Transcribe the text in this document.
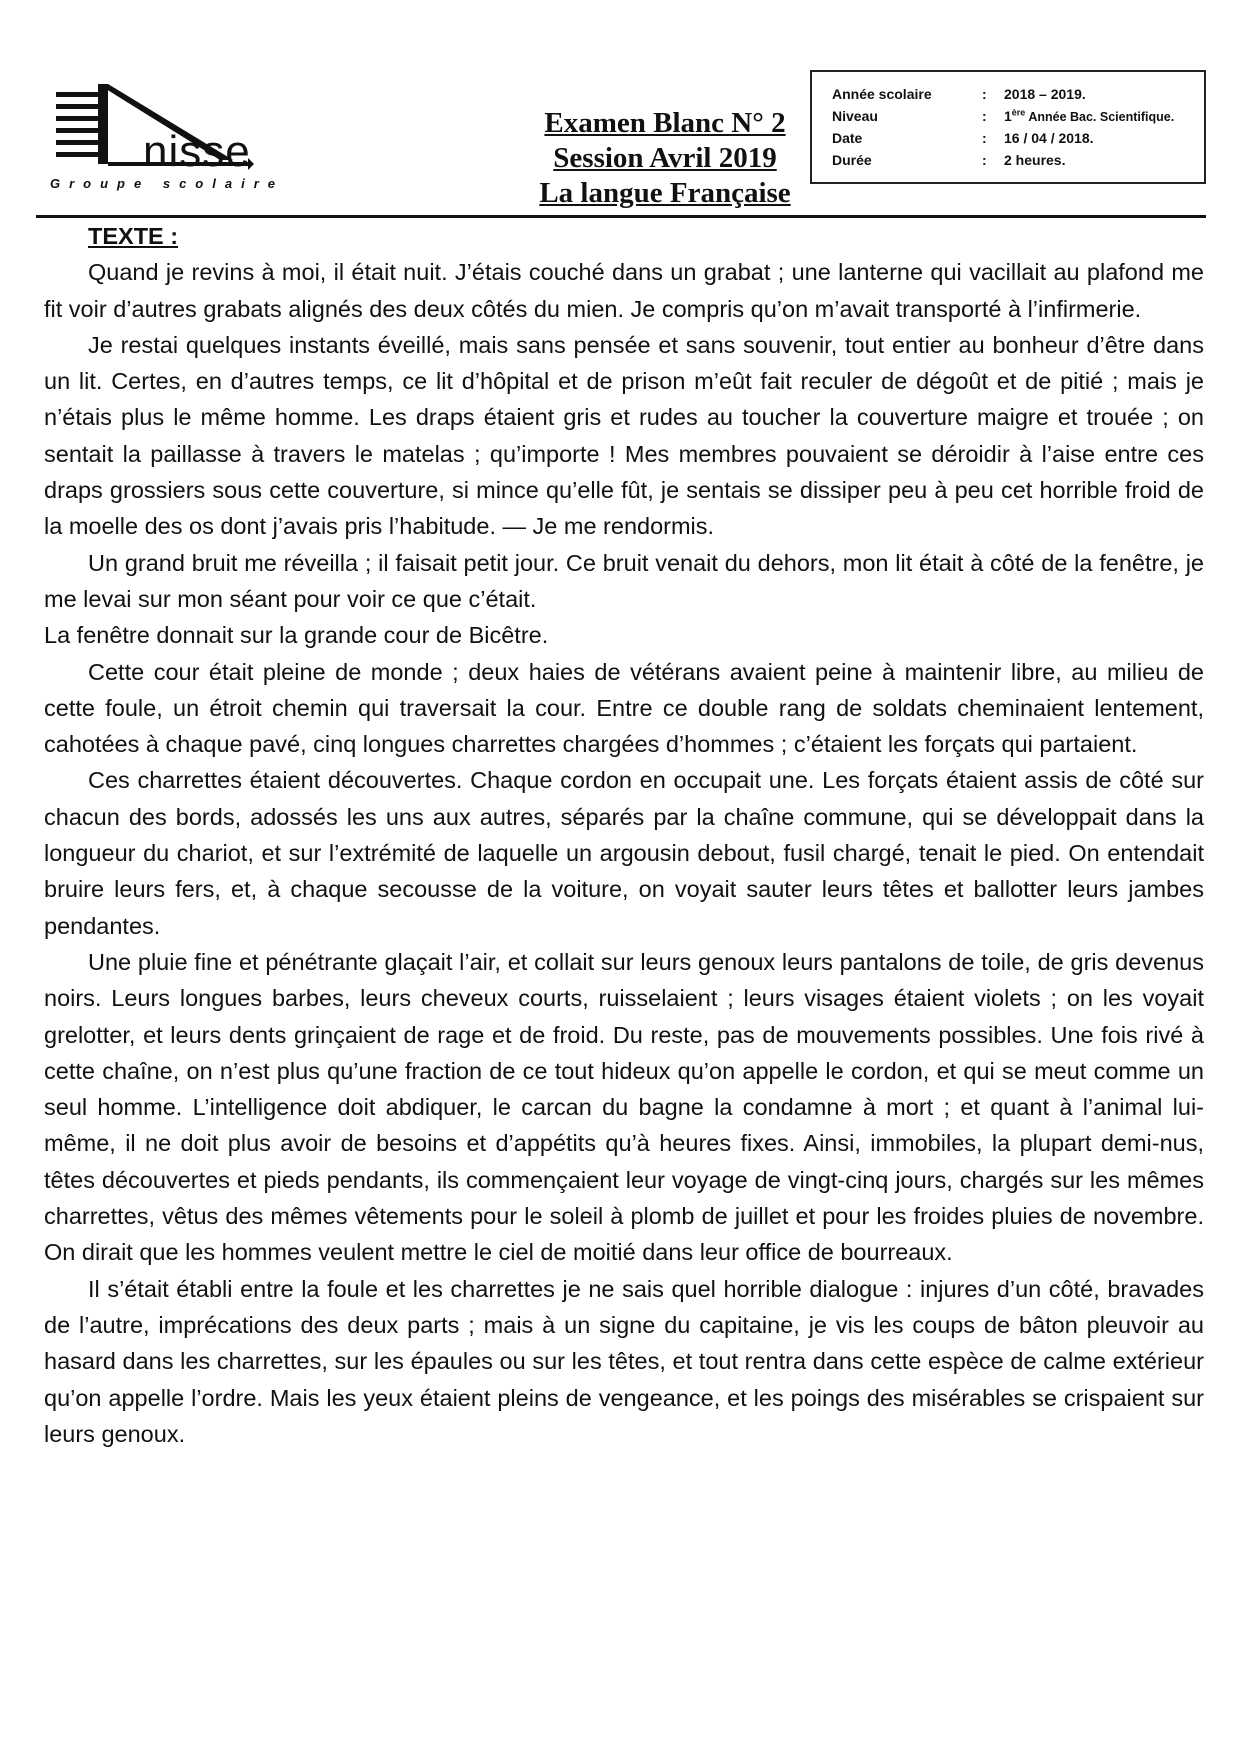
nisse
Groupe scolaire
Examen Blanc N° 2
Session Avril 2019
La langue Française
Année scolaire	: 2018 – 2019.
Niveau	: 1ère Année Bac. Scientifique.
Date	: 16 / 04 / 2018.
Durée	: 2 heures.
TEXTE :

Quand je revins à moi, il était nuit. J’étais couché dans un grabat ; une lanterne qui vacillait au plafond me fit voir d’autres grabats alignés des deux côtés du mien. Je compris qu’on m’avait transporté à l’infirmerie.

Je restai quelques instants éveillé, mais sans pensée et sans souvenir, tout entier au bonheur d’être dans un lit. Certes, en d’autres temps, ce lit d’hôpital et de prison m’eût fait reculer de dégoût et de pitié ; mais je n’étais plus le même homme. Les draps étaient gris et rudes au toucher la couverture maigre et trouée ; on sentait la paillasse à travers le matelas ; qu’importe ! Mes membres pouvaient se déroidir à l’aise entre ces draps grossiers sous cette couverture, si mince qu’elle fût, je sentais se dissiper peu à peu cet horrible froid de la moelle des os dont j’avais pris l’habitude. — Je me rendormis.

Un grand bruit me réveilla ; il faisait petit jour. Ce bruit venait du dehors, mon lit était à côté de la fenêtre, je me levai sur mon séant pour voir ce que c’était.

La fenêtre donnait sur la grande cour de Bicêtre.

Cette cour était pleine de monde ; deux haies de vétérans avaient peine à maintenir libre, au milieu de cette foule, un étroit chemin qui traversait la cour. Entre ce double rang de soldats cheminaient lentement, cahotées à chaque pavé, cinq longues charrettes chargées d’hommes ; c’étaient les forçats qui partaient.

Ces charrettes étaient découvertes. Chaque cordon en occupait une. Les forçats étaient assis de côté sur chacun des bords, adossés les uns aux autres, séparés par la chaîne commune, qui se développait dans la longueur du chariot, et sur l’extrémité de laquelle un argousin debout, fusil chargé, tenait le pied. On entendait bruire leurs fers, et, à chaque secousse de la voiture, on voyait sauter leurs têtes et ballotter leurs jambes pendantes.

Une pluie fine et pénétrante glaçait l’air, et collait sur leurs genoux leurs pantalons de toile, de gris devenus noirs. Leurs longues barbes, leurs cheveux courts, ruisselaient ; leurs visages étaient violets ; on les voyait grelotter, et leurs dents grinçaient de rage et de froid. Du reste, pas de mouvements possibles. Une fois rivé à cette chaîne, on n’est plus qu’une fraction de ce tout hideux qu’on appelle le cordon, et qui se meut comme un seul homme. L’intelligence doit abdiquer, le carcan du bagne la condamne à mort ; et quant à l’animal lui-même, il ne doit plus avoir de besoins et d’appétits qu’à heures fixes. Ainsi, immobiles, la plupart demi-nus, têtes découvertes et pieds pendants, ils commençaient leur voyage de vingt-cinq jours, chargés sur les mêmes charrettes, vêtus des mêmes vêtements pour le soleil à plomb de juillet et pour les froides pluies de novembre. On dirait que les hommes veulent mettre le ciel de moitié dans leur office de bourreaux.

Il s’était établi entre la foule et les charrettes je ne sais quel horrible dialogue : injures d’un côté, bravades de l’autre, imprécations des deux parts ; mais à un signe du capitaine, je vis les coups de bâton pleuvoir au hasard dans les charrettes, sur les épaules ou sur les têtes, et tout rentra dans cette espèce de calme extérieur qu’on appelle l’ordre. Mais les yeux étaient pleins de vengeance, et les poings des misérables se crispaient sur leurs genoux.
